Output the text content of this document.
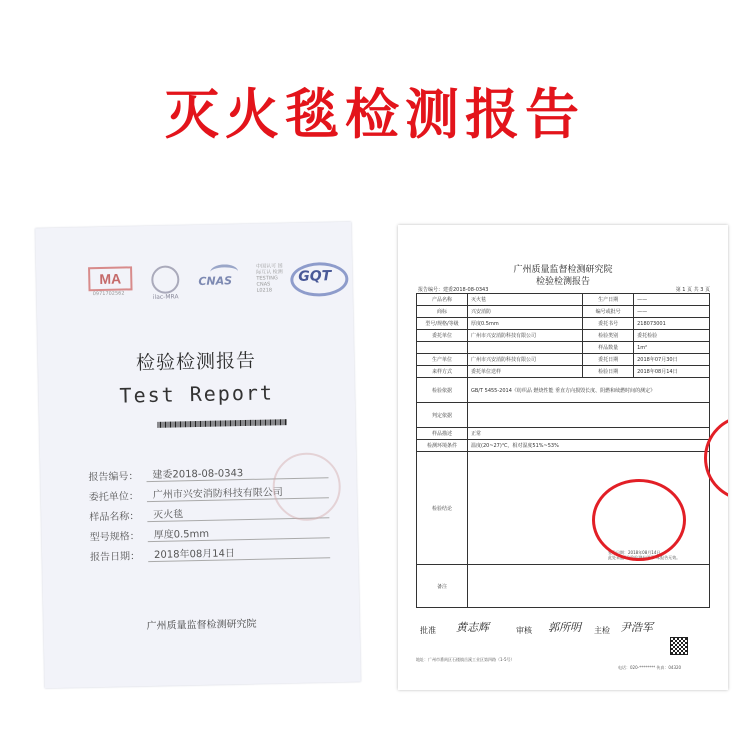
灭火毯检测报告
MA
0971702562	ilac-MRA
CNAS
中国认可 国际互认 检测 TESTING CNAS L0218
GQT
检验检测报告
Test Report
报告编号：	建委2018-08-0343
委托单位：	广州市兴安消防科技有限公司
样品名称：	灭火毯
型号规格：	厚度0.5mm
报告日期：	2018年08月14日
广州质量监督检测研究院
广州质量监督检测研究院
检验检测报告
报告编号：建委2018-08-0343	第 1 页 共 3 页
产品名称	灭火毯	生产日期	——
商标	兴安消防	编号或批号	——
型号/规格/等级	厚度0.5mm	委托书号	218073001
委托单位	广州市兴安消防科技有限公司	检验类别	委托检验
		样品数量	1m²
生产单位	广州市兴安消防科技有限公司	委托日期	2018年07月30日
来样方式	委托单位送样	检验日期	2018年08月14日
检验依据	GB/T 5455-2014《纺织品 燃烧性能 垂直方向损毁长度、阴燃和续燃时间的测定》		
判定依据			
样品描述	正常		
检测环境条件	温度(20~27)℃，相对湿度51%~53%		
检验结论	签发日期：2018年08月14日
此处未盖“检验检测专用章”本报告无效。		

备注			
批准 黄志辉	审核 郭所明 主检 尹浩军
地址：广州市番禺区石楼镇岳溪工业区第四路（1-5号）
电话：020-******** 传真：04320
